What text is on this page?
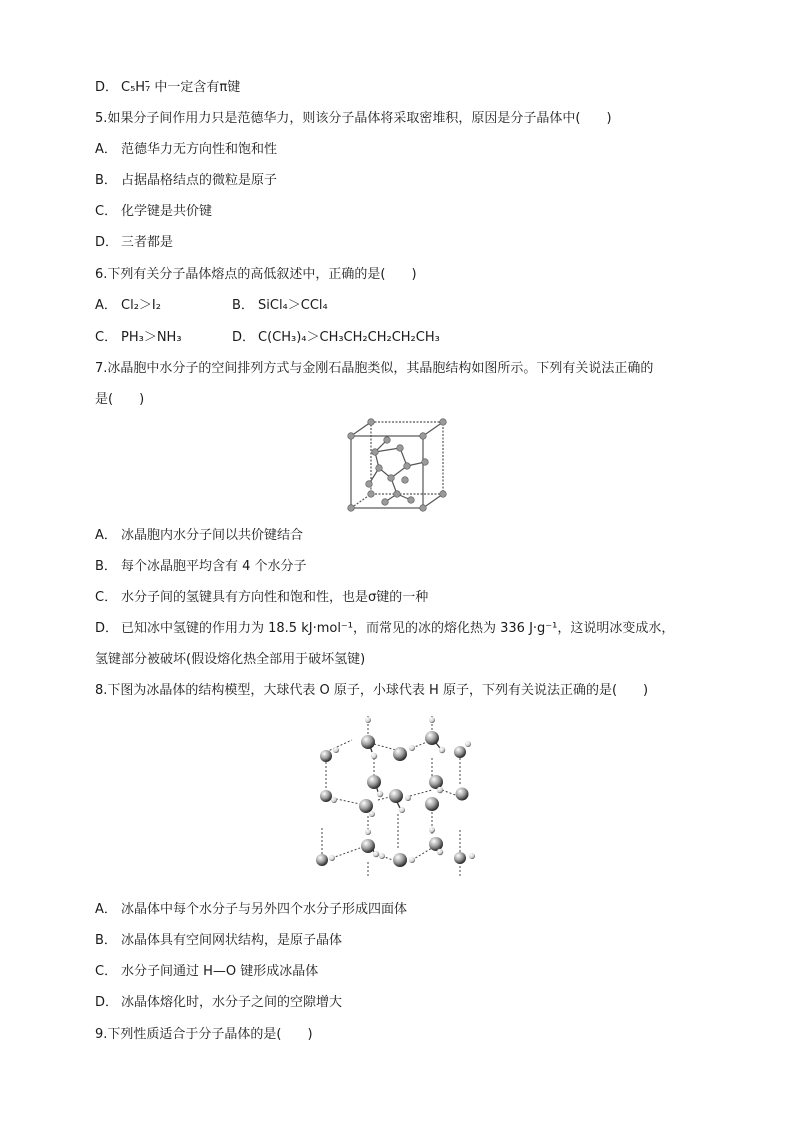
D． C₅H₇̄ 中一定含有π键
5.如果分子间作用力只是范德华力，则该分子晶体将采取密堆积，原因是分子晶体中(　　)
A． 范德华力无方向性和饱和性
B． 占据晶格结点的微粒是原子
C． 化学键是共价键
D． 三者都是
6.下列有关分子晶体熔点的高低叙述中，正确的是(　　)
A． Cl₂＞I₂	B． SiCl₄＞CCl₄
C． PH₃＞NH₃	D． C(CH₃)₄＞CH₃CH₂CH₂CH₂CH₃
7.冰晶胞中水分子的空间排列方式与金刚石晶胞类似，其晶胞结构如图所示。下列有关说法正确的
是(　　)
A． 冰晶胞内水分子间以共价键结合
B． 每个冰晶胞平均含有 4 个水分子
C． 水分子间的氢键具有方向性和饱和性，也是σ键的一种
D． 已知冰中氢键的作用力为 18.5 kJ·mol⁻¹，而常见的冰的熔化热为 336 J·g⁻¹，这说明冰变成水，
氢键部分被破坏(假设熔化热全部用于破坏氢键)
8.下图为冰晶体的结构模型，大球代表 O 原子，小球代表 H 原子，下列有关说法正确的是(　　)
A． 冰晶体中每个水分子与另外四个水分子形成四面体
B． 冰晶体具有空间网状结构，是原子晶体
C． 水分子间通过 H—O 键形成冰晶体
D． 冰晶体熔化时，水分子之间的空隙增大
9.下列性质适合于分子晶体的是(　　)
